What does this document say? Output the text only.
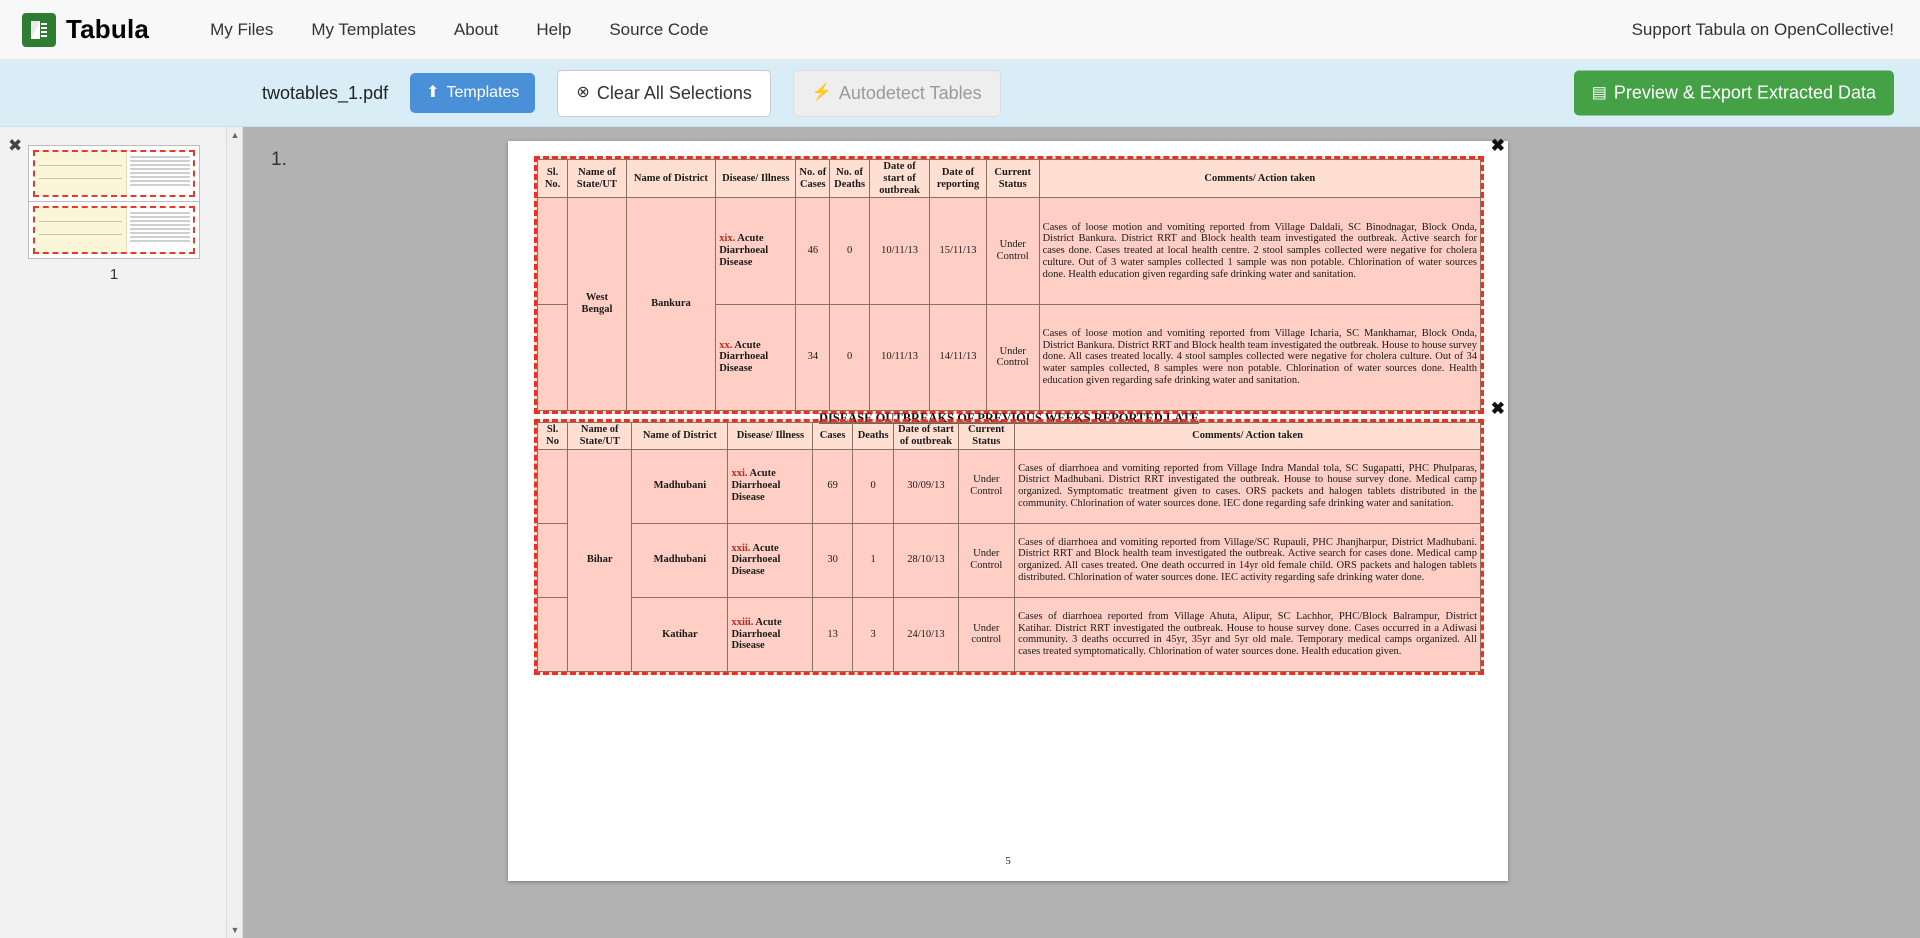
Tabula	My Files	My Templates	About	Help	Source Code	Support Tabula on OpenCollective!
twotables_1.pdf ⬆ Templates	⊗ Clear All Selections	⚡ Autodetect Tables	▤ Preview & Export Extracted Data
✖
1
▲
▼
1.
✖
Sl. No.	Name of State/UT	Name of District	Disease/ Illness	No. of Cases	No. of Deaths	Date of start of outbreak	Date of reporting	Current Status	Comments/ Action taken
	West Bengal	Bankura	xix. Acute Diarrhoeal Disease	46	0	10/11/13	15/11/13	Under Control	Cases of loose motion and vomiting reported from Village Daldali, SC Binodnagar, Block Onda, District Bankura. District RRT and Block health team investigated the outbreak. Active search for cases done. Cases treated at local health centre. 2 stool samples collected were negative for cholera culture. Out of 3 water samples collected 1 sample was non potable. Chlorination of water sources done. Health education given regarding safe drinking water and sanitation.
			xx. Acute Diarrhoeal Disease	34	0	10/11/13	14/11/13	Under Control	Cases of loose motion and vomiting reported from Village Icharia, SC Mankhamar, Block Onda, District Bankura. District RRT and Block health team investigated the outbreak. House to house survey done. All cases treated locally. 4 stool samples collected were negative for cholera culture. Out of 34 water samples collected, 8 samples were non potable. Chlorination of water sources done. Health education given regarding safe drinking water and sanitation.
DISEASE OUTBREAKS OF PREVIOUS WEEKS REPORTED LATE	✖
Sl. No	Name of State/UT	Name of District	Disease/ Illness	Cases	Deaths	Date of start of outbreak	Current Status	Comments/ Action taken
	Bihar	Madhubani	xxi. Acute Diarrhoeal Disease	69	0	30/09/13	Under Control	Cases of diarrhoea and vomiting reported from Village Indra Mandal tola, SC Sugapatti, PHC Phulparas, District Madhubani. District RRT investigated the outbreak. House to house survey done. Medical camp organized. Symptomatic treatment given to cases. ORS packets and halogen tablets distributed in the community. Chlorination of water sources done. IEC done regarding safe drinking water and sanitation.
		Madhubani	xxii. Acute Diarrhoeal Disease	30	1	28/10/13	Under Control	Cases of diarrhoea and vomiting reported from Village/SC Rupauli, PHC Jhanjharpur, District Madhubani. District RRT and Block health team investigated the outbreak. Active search for cases done. Medical camp organized. All cases treated. One death occurred in 14yr old female child. ORS packets and halogen tablets distributed. Chlorination of water sources done. IEC activity regarding safe drinking water done.
		Katihar	xxiii. Acute Diarrhoeal Disease	13	3	24/10/13	Under control	Cases of diarrhoea reported from Village Ahuta, Alipur, SC Lachhor, PHC/Block Balrampur, District Katihar. District RRT investigated the outbreak. House to house survey done. Cases occurred in a Adiwasi community. 3 deaths occurred in 45yr, 35yr and 5yr old male. Temporary medical camps organized. All cases treated symptomatically. Chlorination of water sources done. Health education given.
5
